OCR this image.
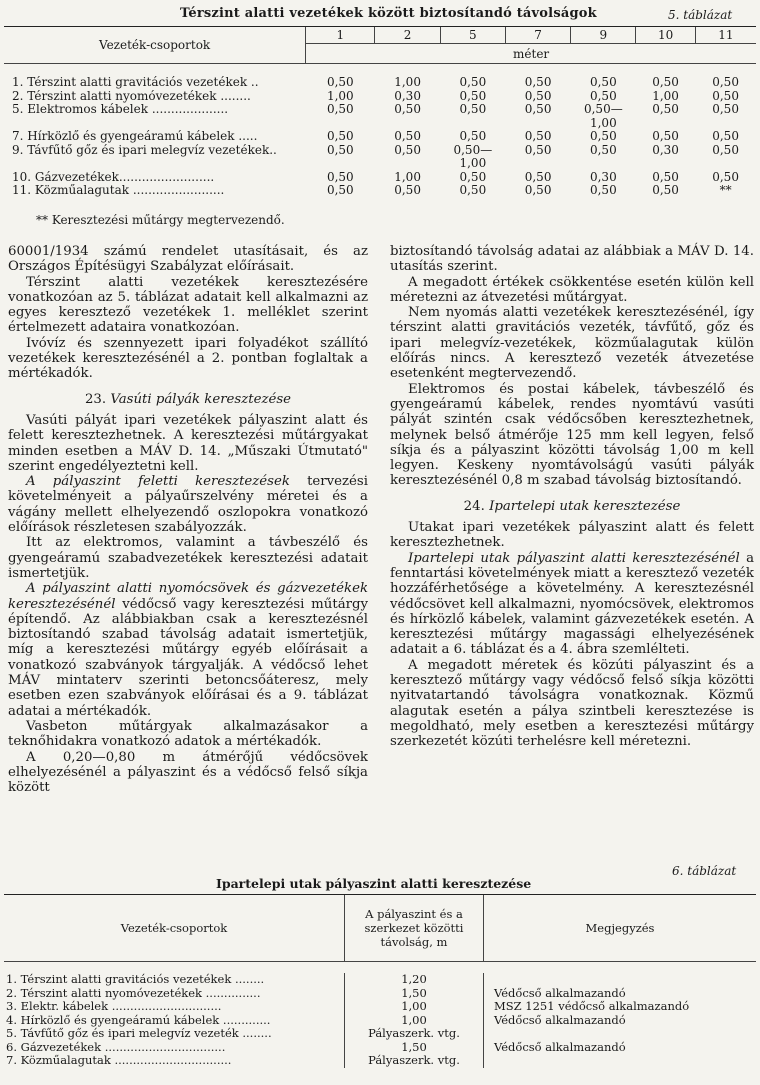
Térszint alatti vezetékek között biztosítandó távolságok	5. táblázat
Vezeték-csoportok	1	2	5	7	9	10	11
	méter						

1. Térszint alatti gravitációs vezetékek ..	0,50	1,00	0,50	0,50	0,50	0,50	0,50
2. Térszint alatti nyomóvezetékek ........	1,00	0,30	0,50	0,50	0,50	1,00	0,50

5. Elektromos kábelek ....................	0,50	0,50	0,50	0,50	0,50—	0,50	0,50
					1,00		
7. Hírközlő és gyengeáramú kábelek .....	0,50	0,50	0,50	0,50	0,50	0,50	0,50
9. Távfűtő gőz és ipari melegvíz vezetékek..	0,50	0,50	0,50—	0,50	0,50	0,30	0,50

			1,00				
10. Gázvezetékek.........................	0,50	1,00	0,50	0,50	0,30	0,50	0,50
11. Közműalagutak ........................	0,50	0,50	0,50	0,50	0,50	0,50	**
** Keresztezési műtárgy megtervezendő.

60001/1934 számú rendelet utasításait, és az Országos Építésügyi Szabályzat előírásait.

Térszint alatti vezetékek keresztezésére vonatkozóan az 5. táblázat adatait kell alkalmazni az egyes keresztező vezetékek 1. melléklet szerint értelmezett adataira vonatkozóan.

Ivóvíz és szennyezett ipari folyadékot szállító vezetékek keresztezésénél a 2. pontban foglaltak a mértékadók.

23. Vasúti pályák keresztezése

Vasúti pályát ipari vezetékek pályaszint alatt és felett keresztezhetnek. A keresztezési műtárgyakat minden esetben a MÁV D. 14. „Műszaki Útmutató" szerint engedélyeztetni kell.

A pályaszint feletti keresztezések tervezési követelményeit a pályaűrszelvény méretei és a vágány mellett elhelyezendő oszlopokra vonatkozó előírások részletesen szabályozzák.

Itt az elektromos, valamint a távbeszélő és gyengeáramú szabadvezetékek keresztezési adatait ismertetjük.

A pályaszint alatti nyomócsövek és gázvezetékek keresztezésénél védőcső vagy keresztezési műtárgy építendő. Az alábbiakban csak a keresztezésnél biztosítandó szabad távolság adatait ismertetjük, míg a keresztezési műtárgy egyéb előírásait a vonatkozó szabványok tárgyalják. A védőcső lehet MÁV mintaterv szerinti betoncsőáteresz, mely esetben ezen szabványok előírásai és a 9. táblázat adatai a mértékadók.

Vasbeton műtárgyak alkalmazásakor a teknőhidakra vonatkozó adatok a mértékadók.

A 0,20—0,80 m átmérőjű védőcsövek elhelyezésénél a pályaszint és a védőcső felső síkja között

biztosítandó távolság adatai az alábbiak a MÁV D. 14. utasítás szerint.

A megadott értékek csökkentése esetén külön kell méretezni az átvezetési műtárgyat.

Nem nyomás alatti vezetékek keresztezésénél, így térszint alatti gravitációs vezeték, távfűtő, gőz és ipari melegvíz-vezetékek, közműalagutak külön előírás nincs. A keresztező vezeték átvezetése esetenként megtervezendő.

Elektromos és postai kábelek, távbeszélő és gyengeáramú kábelek, rendes nyomtávú vasúti pályát szintén csak védőcsőben keresztezhetnek, melynek belső átmérője 125 mm kell legyen, felső síkja és a pályaszint közötti távolság 1,00 m kell legyen. Keskeny nyomtávolságú vasúti pályák keresztezésénél 0,8 m szabad távolság biztosítandó.

24. Ipartelepi utak keresztezése

Utakat ipari vezetékek pályaszint alatt és felett keresztezhetnek.

Ipartelepi utak pályaszint alatti keresztezésénél a fenntartási követelmények miatt a keresztező vezeték hozzáférhetősége a követelmény. A keresztezésnél védőcsövet kell alkalmazni, nyomócsövek, elektromos és hírközlő kábelek, valamint gázvezetékek esetén. A keresztezési műtárgy magassági elhelyezésének adatait a 6. táblázat és a 4. ábra szemlélteti.

A megadott méretek és közúti pályaszint és a keresztező műtárgy vagy védőcső felső síkja közötti nyitvatartandó távolságra vonatkoznak. Közmű alagutak esetén a pálya szintbeli keresztezése is megoldható, mely esetben a keresztezési műtárgy szerkezetét közúti terhelésre kell méretezni.

6. táblázat
Ipartelepi utak pályaszint alatti keresztezése
Vezeték-csoportok	A pályaszint és a szerkezet közötti távolság, m	Megjegyzés

1. Térszint alatti gravitációs vezetékek ........	1,20	
2. Térszint alatti nyomóvezetékek ...............	1,50	Védőcső alkalmazandó
3. Elektr. kábelek ..............................	1,00	MSZ 1251 védőcső alkalmazandó
4. Hírközlő és gyengeáramú kábelek .............	1,00	Védőcső alkalmazandó
5. Távfűtő gőz és ipari melegvíz vezeték ........	Pályaszerk. vtg.	
6. Gázvezetékek .................................	1,50	Védőcső alkalmazandó
7. Közműalagutak ................................	Pályaszerk. vtg.	
